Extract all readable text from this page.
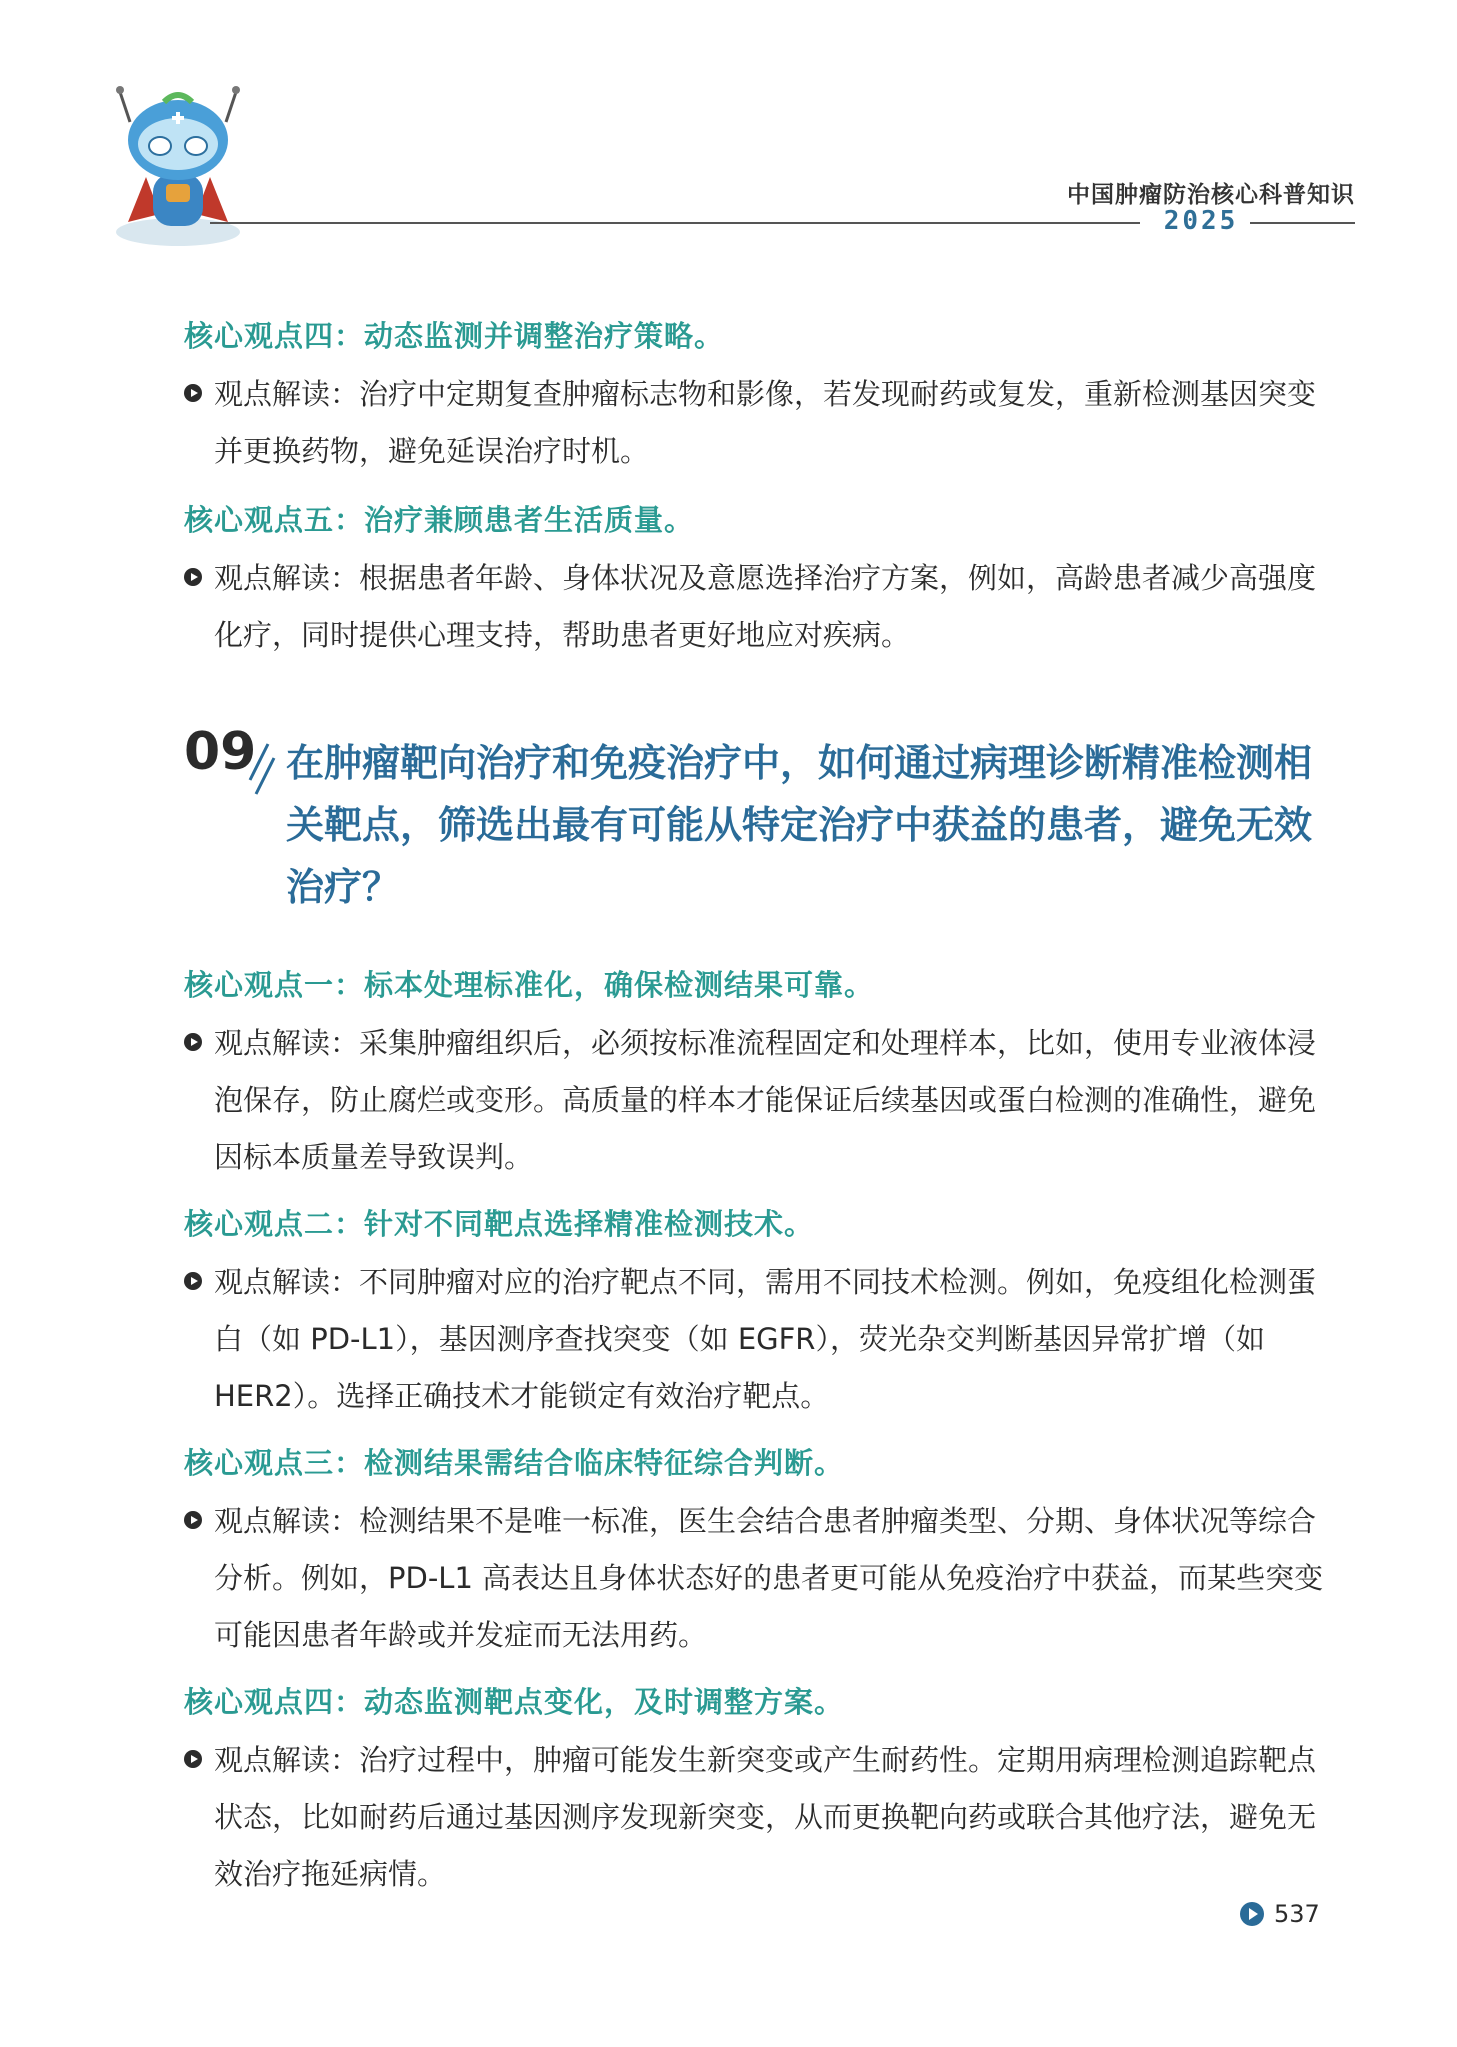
中国肿瘤防治核心科普知识
2025
核心观点四：动态监测并调整治疗策略。
观点解读：治疗中定期复查肿瘤标志物和影像，若发现耐药或复发，重新检测基因突变并更换药物，避免延误治疗时机。
核心观点五：治疗兼顾患者生活质量。
观点解读：根据患者年龄、身体状况及意愿选择治疗方案，例如，高龄患者减少高强度化疗，同时提供心理支持，帮助患者更好地应对疾病。
核心观点一：标本处理标准化，确保检测结果可靠。
观点解读：采集肿瘤组织后，必须按标准流程固定和处理样本，比如，使用专业液体浸泡保存，防止腐烂或变形。高质量的样本才能保证后续基因或蛋白检测的准确性，避免因标本质量差导致误判。
核心观点二：针对不同靶点选择精准检测技术。
观点解读：不同肿瘤对应的治疗靶点不同，需用不同技术检测。例如，免疫组化检测蛋白（如 PD-L1），基因测序查找突变（如 EGFR），荧光杂交判断基因异常扩增（如 HER2）。选择正确技术才能锁定有效治疗靶点。
核心观点三：检测结果需结合临床特征综合判断。
观点解读：检测结果不是唯一标准，医生会结合患者肿瘤类型、分期、身体状况等综合分析。例如，PD-L1 高表达且身体状态好的患者更可能从免疫治疗中获益，而某些突变可能因患者年龄或并发症而无法用药。
核心观点四：动态监测靶点变化，及时调整方案。
观点解读：治疗过程中，肿瘤可能发生新突变或产生耐药性。定期用病理检测追踪靶点状态，比如耐药后通过基因测序发现新突变，从而更换靶向药或联合其他疗法，避免无效治疗拖延病情。
09 在肿瘤靶向治疗和免疫治疗中，如何通过病理诊断精准检测相关靶点，筛选出最有可能从特定治疗中获益的患者，避免无效治疗？
537
